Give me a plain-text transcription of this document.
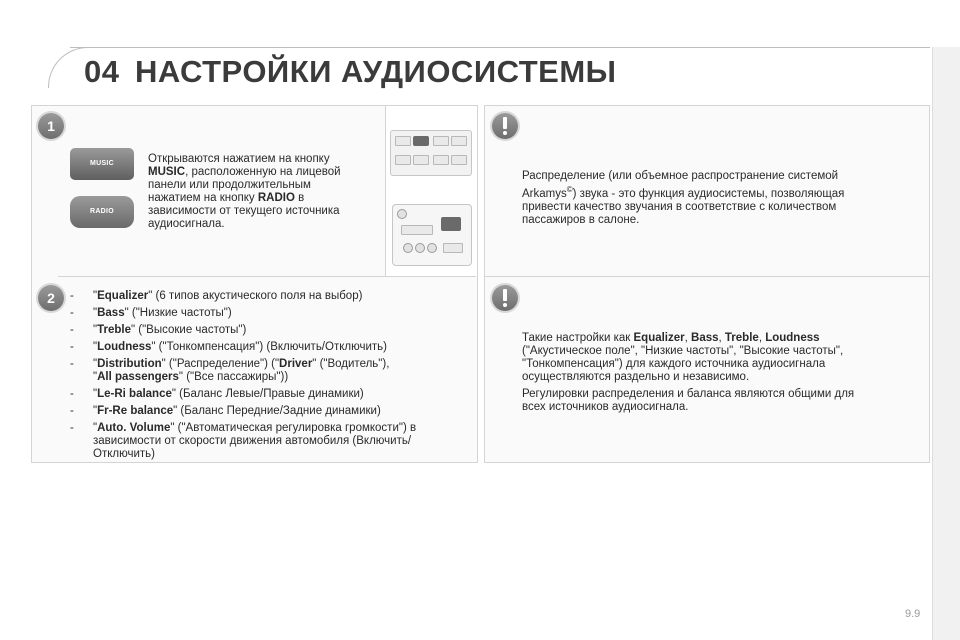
04 НАСТРОЙКИ АУДИОСИСТЕМЫ
1
MUSIC
RADIO
Открываются нажатием на кнопку
MUSIC, расположенную на лицевой
панели или продолжительным
нажатием на кнопку RADIO в
зависимости от текущего источника
аудиосигнала.
2	-	"Equalizer" (6 типов акустического поля на выбор)
-	"Bass" ("Низкие частоты")
-	"Treble" ("Высокие частоты")
-	"Loudness" ("Тонкомпенсация") (Включить/Отключить)
-	"Distribution" ("Распределение") ("Driver" ("Водитель"),
"All passengers" ("Все пассажиры"))
-	"Le-Ri balance" (Баланс Левые/Правые динамики)
-	"Fr-Re balance" (Баланс Передние/Задние динамики)
-	"Auto. Volume" ("Автоматическая регулировка громкости") в
зависимости от скорости движения автомобиля (Включить/
Отключить)
Распределение (или объемное распространение системой
Arkamys©) звука - это функция аудиосистемы, позволяющая
привести качество звучания в соответствие с количеством
пассажиров в салоне.
Такие настройки как Equalizer, Bass, Treble, Loudness
("Акустическое поле", "Низкие частоты", "Высокие частоты",
"Тонкомпенсация") для каждого источника аудиосигнала
осуществляются раздельно и независимо.
Регулировки распределения и баланса являются общими для
всех источников аудиосигнала.
9.9
